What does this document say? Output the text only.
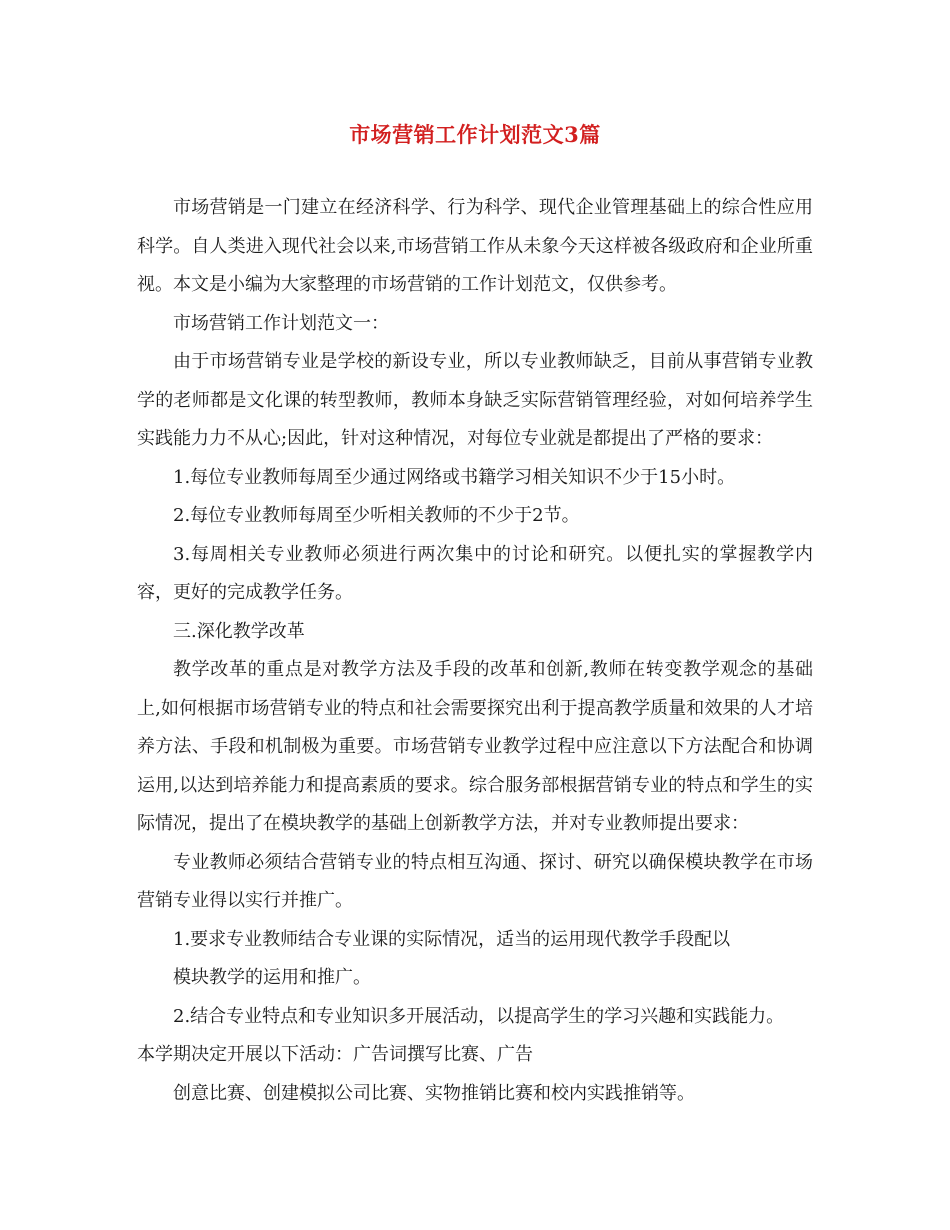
市场营销工作计划范文3篇

市场营销是一门建立在经济科学、行为科学、现代企业管理基础上的综合性应用科学。自人类进入现代社会以来,市场营销工作从未象今天这样被各级政府和企业所重视。本文是小编为大家整理的市场营销的工作计划范文，仅供参考。

市场营销工作计划范文一：

由于市场营销专业是学校的新设专业，所以专业教师缺乏，目前从事营销专业教学的老师都是文化课的转型教师，教师本身缺乏实际营销管理经验，对如何培养学生实践能力力不从心;因此，针对这种情况，对每位专业就是都提出了严格的要求：

1.每位专业教师每周至少通过网络或书籍学习相关知识不少于15小时。

2.每位专业教师每周至少听相关教师的不少于2节。

3.每周相关专业教师必须进行两次集中的讨论和研究。以便扎实的掌握教学内容，更好的完成教学任务。

三.深化教学改革

教学改革的重点是对教学方法及手段的改革和创新,教师在转变教学观念的基础上,如何根据市场营销专业的特点和社会需要探究出利于提高教学质量和效果的人才培养方法、手段和机制极为重要。市场营销专业教学过程中应注意以下方法配合和协调运用,以达到培养能力和提高素质的要求。综合服务部根据营销专业的特点和学生的实际情况，提出了在模块教学的基础上创新教学方法，并对专业教师提出要求：

专业教师必须结合营销专业的特点相互沟通、探讨、研究以确保模块教学在市场营销专业得以实行并推广。

1.要求专业教师结合专业课的实际情况，适当的运用现代教学手段配以

模块教学的运用和推广。

2.结合专业特点和专业知识多开展活动，以提高学生的学习兴趣和实践能力。

本学期决定开展以下活动：广告词撰写比赛、广告

创意比赛、创建模拟公司比赛、实物推销比赛和校内实践推销等。
